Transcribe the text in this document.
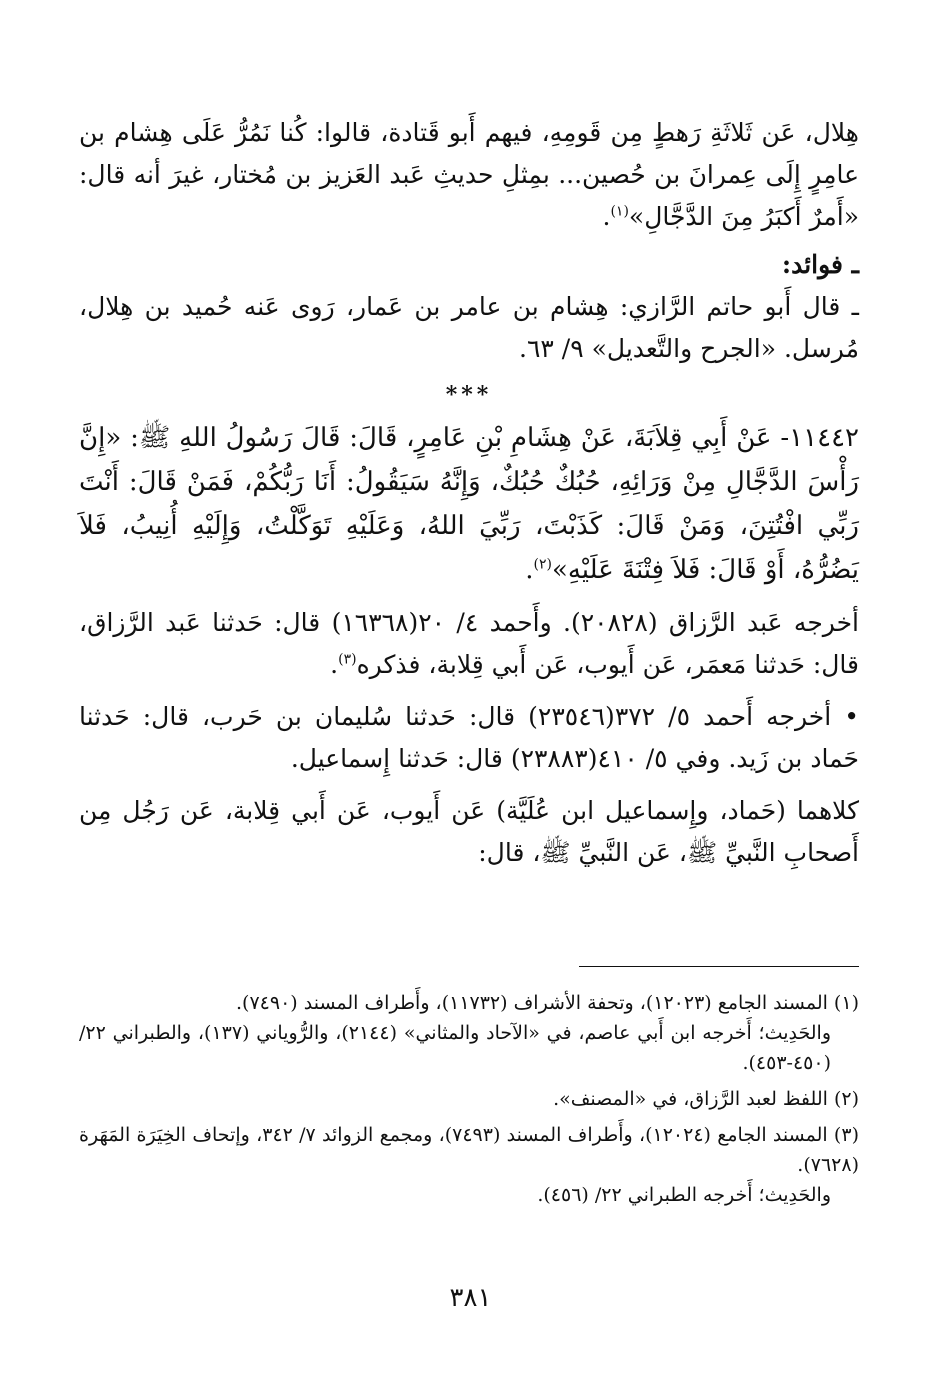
هِلال، عَن ثَلاثَةِ رَهطٍ مِن قَومِهِ، فيهم أَبو قَتادة، قالوا: كُنا نَمُرُّ عَلَى هِشام بن عامِرٍ إِلَى عِمرانَ بن حُصين... بمِثلِ حديثِ عَبد العَزيز بن مُختار، غيرَ أنه قال: «أَمرٌ أَكبَرُ مِنَ الدَّجَّالِ»$^{(١)}$.

ـ فوائد:

ـ قال أَبو حاتم الرَّازي: هِشام بن عامر بن عَمار، رَوى عَنه حُميد بن هِلال، مُرسل. «الجرح والتَّعديل» ٩/ ٦٣.

***

١١٤٤٢- عَنْ أَبِي قِلاَبَةَ، عَنْ هِشَامِ بْنِ عَامِرٍ، قَالَ: قَالَ رَسُولُ اللهِ ﷺ: «إِنَّ رَأْسَ الدَّجَّالِ مِنْ وَرَائِهِ، حُبُكٌ حُبُكٌ، وَإِنَّهُ سَيَقُولُ: أَنَا رَبُّكُمْ، فَمَنْ قَالَ: أَنْتَ رَبِّي افْتُتِنَ، وَمَنْ قَالَ: كَذَبْتَ، رَبِّيَ اللهُ، وَعَلَيْهِ تَوَكَّلْتُ، وَإِلَيْهِ أُنِيبُ، فَلاَ يَضُرُّهُ، أَوْ قَالَ: فَلاَ فِتْنَةَ عَلَيْهِ»$^{(٢)}$.

أخرجه عَبد الرَّزاق (٢٠٨٢٨). وأَحمد ٤/ ٢٠(١٦٣٦٨) قال: حَدثنا عَبد الرَّزاق، قال: حَدثنا مَعمَر، عَن أَيوب، عَن أَبي قِلابة، فذكره$^{(٣)}$.

• أخرجه أَحمد ٥/ ٣٧٢(٢٣٥٤٦) قال: حَدثنا سُليمان بن حَرب، قال: حَدثنا حَماد بن زَيد. وفي ٥/ ٤١٠(٢٣٨٨٣) قال: حَدثنا إِسماعيل.

كلاهما (حَماد، وإِسماعيل ابن عُلَيَّة) عَن أَيوب، عَن أَبي قِلابة، عَن رَجُل مِن أَصحابِ النَّبيِّ ﷺ، عَن النَّبيِّ ﷺ، قال:

(١) المسند الجامع (١٢٠٢٣)، وتحفة الأشراف (١١٧٣٢)، وأَطراف المسند (٧٤٩٠).

والحَدِيث؛ أَخرجه ابن أَبي عاصم، في «الآحاد والمثاني» (٢١٤٤)، والرُّوياني (١٣٧)، والطبراني ٢٢/ (٤٥٠-٤٥٣).

(٢) اللفظ لعبد الرَّزاق، في «المصنف».

(٣) المسند الجامع (١٢٠٢٤)، وأَطراف المسند (٧٤٩٣)، ومجمع الزوائد ٧/ ٣٤٢، وإتحاف الخِيَرَة المَهَرة (٧٦٢٨).

والحَدِيث؛ أَخرجه الطبراني ٢٢/ (٤٥٦).

٣٨١
